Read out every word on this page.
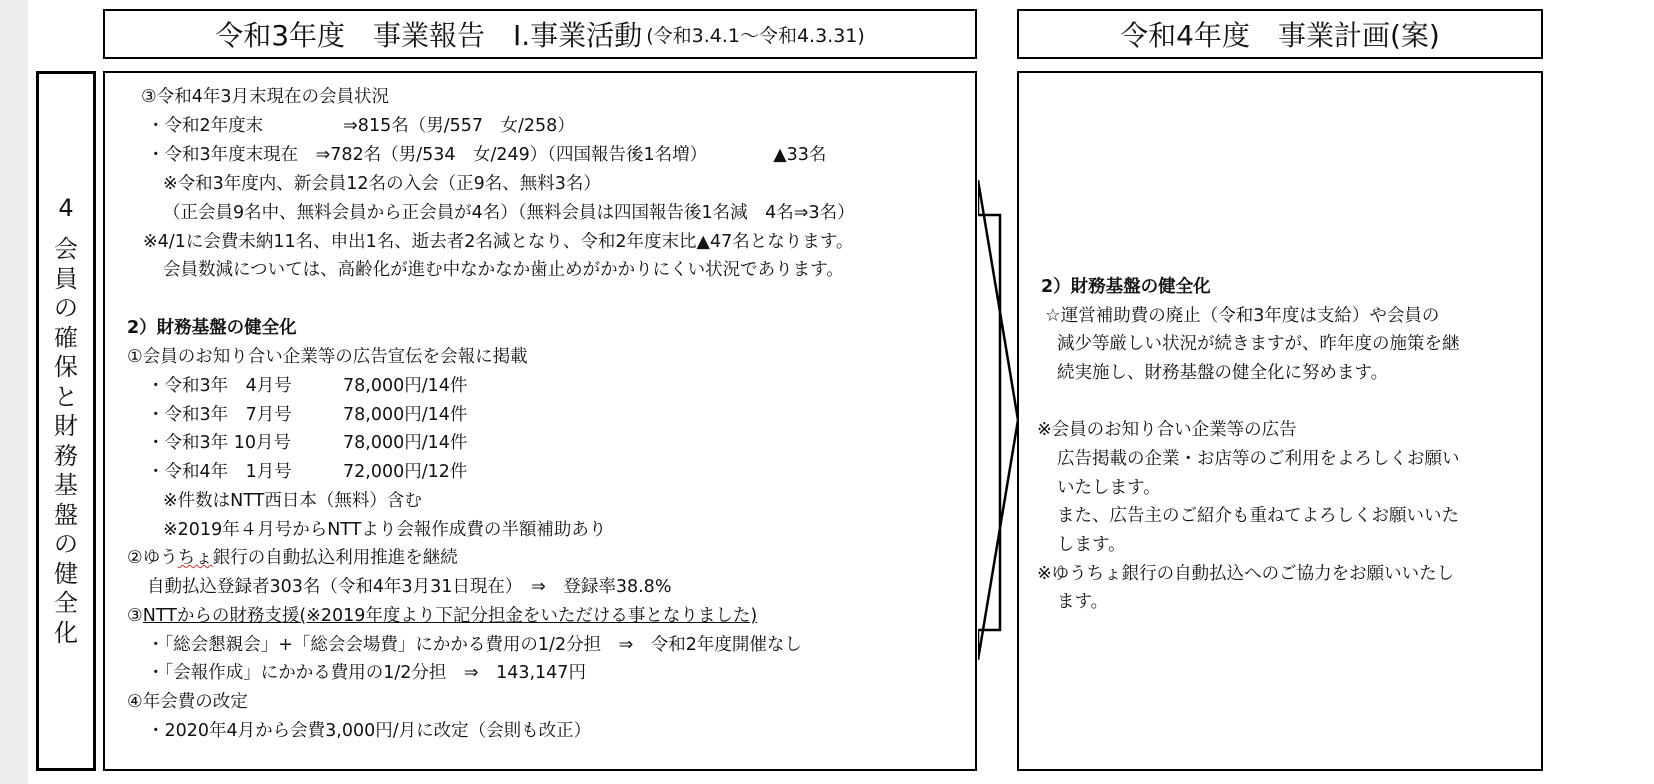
令和3年度　事業報告　Ⅰ.事業活動 (令和3.4.1～令和4.3.31)	令和4年度　事業計画(案)
4
会
員
の
確
保
と
財
務
基
盤
の
健
全
化
③令和4年3月末現在の会員状況
・令和2年度末	⇒815名（男/557　女/258）
・令和3年度末現在　⇒782名（男/534　女/249）（四国報告後1名増）	▲33名
※令和3年度内、新会員12名の入会（正9名、無料3名）
（正会員9名中、無料会員から正会員が4名）（無料会員は四国報告後1名減　4名⇒3名）
※4/1に会費未納11名、申出1名、逝去者2名減となり、令和2年度末比▲47名となります。
会員数減については、高齢化が進む中なかなか歯止めがかかりにくい状況であります。
2）財務基盤の健全化
①会員のお知り合い企業等の広告宣伝を会報に掲載
・令和3年　4月号	78,000円/14件
・令和3年　7月号	78,000円/14件
・令和3年 10月号	78,000円/14件
・令和4年　1月号	72,000円/12件
※件数はNTT西日本（無料）含む
※2019年４月号からNTTより会報作成費の半額補助あり
②ゆうちょ銀行の自動払込利用推進を継続
自動払込登録者303名（令和4年3月31日現在）　⇒　登録率38.8%
③NTTからの財務支援(※2019年度より下記分担金をいただける事となりました)
・「総会懇親会」+「総会会場費」にかかる費用の1/2分担　⇒　令和2年度開催なし
・「会報作成」にかかる費用の1/2分担　⇒　143,147円
④年会費の改定
・2020年4月から会費3,000円/月に改定（会則も改正）
2）財務基盤の健全化
☆運営補助費の廃止（令和3年度は支給）や会員の
減少等厳しい状況が続きますが、昨年度の施策を継
続実施し、財務基盤の健全化に努めます。
※会員のお知り合い企業等の広告
広告掲載の企業・お店等のご利用をよろしくお願い
いたします。
また、広告主のご紹介も重ねてよろしくお願いいた
します。
※ゆうちょ銀行の自動払込へのご協力をお願いいたし
ます。
